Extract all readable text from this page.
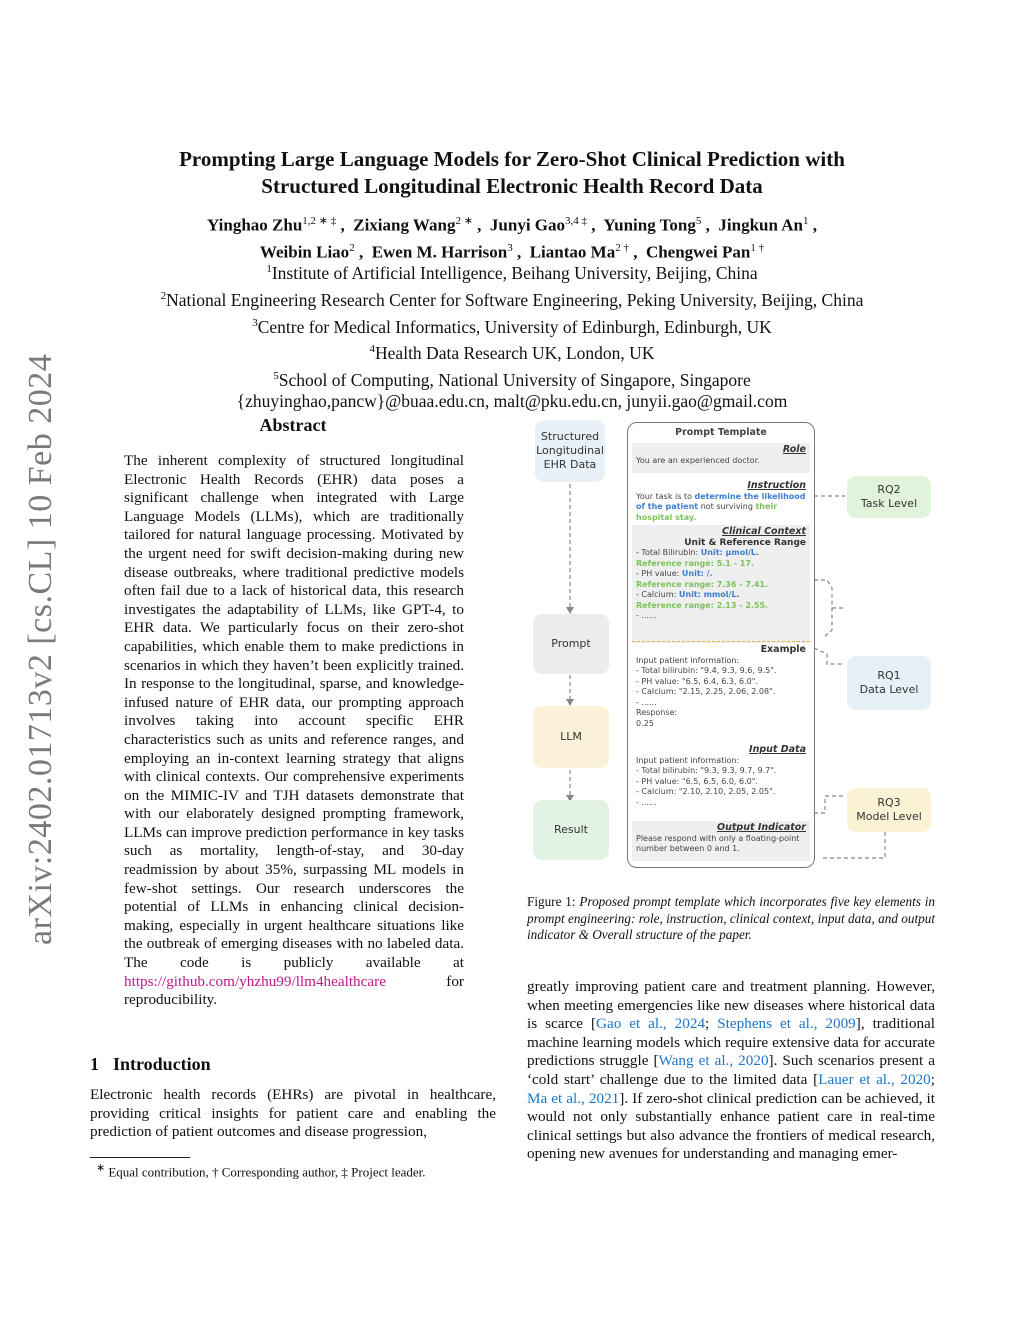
Prompting Large Language Models for Zero-Shot Clinical Prediction with
Structured Longitudinal Electronic Health Record Data
Yinghao Zhu$^{1,2 ∗ \ddagger}$ ,  Zixiang Wang$^{2 ∗}$ ,  Junyi Gao$^{3,4 \ddagger}$ ,  Yuning Tong$^5$ ,  Jingkun An$^1$ ,
Weibin Liao$^2$ ,  Ewen M. Harrison$^3$ ,  Liantao $Ma^{2 \dagger}$ ,  Chengwei Pan$^{1 \dagger}$
$^1$Institute of Artificial Intelligence, Beihang University, Beijing, China
$^2$National Engineering Research Center for Software Engineering, Peking University, Beijing, China
$^3$Centre for Medical Informatics, University of Edinburgh, Edinburgh, UK
$^4$Health Data Research UK, London, UK
$^5$School of Computing, National University of Singapore, Singapore
{zhuyinghao,pancw}@buaa.edu.cn, malt@pku.edu.cn, junyii.gao@gmail.com
arXiv:2402.01713v2 [cs.CL] 10 Feb 2024	Abstract
The inherent complexity of structured longitudinal Electronic Health Records (EHR) data poses a significant challenge when integrated with Large Language Models (LLMs), which are traditionally tailored for natural language processing. Motivated by the urgent need for swift decision-making during new disease outbreaks, where traditional predictive models often fail due to a lack of historical data, this research investigates the adaptability of LLMs, like GPT-4, to EHR data. We particularly focus on their zero-shot capabilities, which enable them to make predictions in scenarios in which they haven’t been explicitly trained. In response to the longitudinal, sparse, and knowledge-infused nature of EHR data, our prompting approach involves taking into account specific EHR characteristics such as units and reference ranges, and employing an in-context learning strategy that aligns with clinical contexts. Our comprehensive experiments on the MIMIC-IV and TJH datasets demonstrate that with our elaborately designed prompting framework, LLMs can improve prediction performance in key tasks such as mortality, length-of-stay, and 30-day readmission by about 35%, surpassing ML models in few-shot settings. Our research underscores the potential of LLMs in enhancing clinical decision-making, especially in urgent healthcare situations like the outbreak of emerging diseases with no labeled data. The code is publicly available at https://github.com/yhzhu99/llm4healthcare	for reproducibility.
1 Introduction
Electronic health records (EHRs) are pivotal in healthcare, providing critical insights for patient care and enabling the prediction of patient outcomes and disease progression,
∗ Equal contribution, † Corresponding author, ‡ Project leader.
Structured Longitudinal EHR Data
Prompt
LLM
Result
Prompt Template
Role
You are an experienced doctor.
Instruction
Your task is to determine the likelihood of the patient not surviving their hospital stay.
Clinical Context
Unit & Reference Range
- Total Bilirubin: Unit: μmol/L.
Reference range: 5.1 - 17.
- PH value: Unit: /.
Reference range: 7.36 - 7.41.
- Calcium: Unit: mmol/L.
Reference range: 2.13 - 2.55.
- ......
Example
Input patient information:
- Total bilirubin: "9.4, 9.3, 9.6, 9.5".
- PH value: "6.5, 6.4, 6.3, 6.0".
- Calcium: "2.15, 2.25, 2.06, 2.08".
- ......
Response:
0.25
Input Data
Input patient information:
- Total bilirubin: "9.3, 9.3, 9.7, 9.7".
- PH value: "6.5, 6.5, 6.0, 6.0".
- Calcium: "2.10, 2.10, 2.05, 2.05".
- ......
Output Indicator
Please respond with only a floating-point number between 0 and 1.
RQ2
Task Level
RQ1
Data Level
RQ3
Model Level
Figure 1: Proposed prompt template which incorporates five key elements in prompt engineering: role, instruction, clinical context, input data, and output indicator & Overall structure of the paper.
greatly improving patient care and treatment planning. However, when meeting emergencies like new diseases where historical data is scarce [Gao et al., 2024; Stephens et al., 2009], traditional machine learning models which require extensive data for accurate predictions struggle [Wang et al., 2020]. Such scenarios present a ‘cold start’ challenge due to the limited data [Lauer et al., 2020; Ma et al., 2021]. If zero-shot clinical prediction can be achieved, it would not only substantially enhance patient care in real-time clinical settings but also advance the frontiers of medical research, opening new avenues for understanding and managing emer-
